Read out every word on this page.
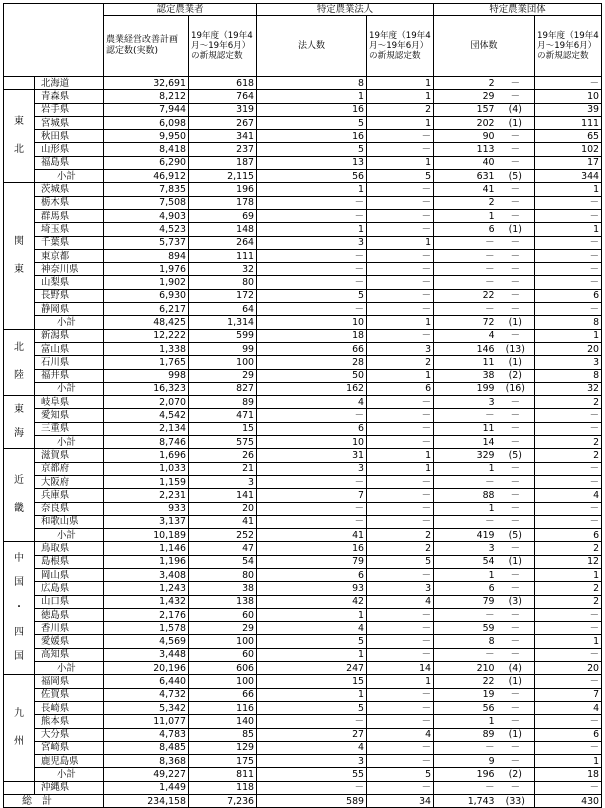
		認定農業者		特定農業法人		特定農業団体		
		農業経営改善計画認定数(実数)	19年度（19年4月～19年6月）の新規認定数	法人数	19年度（19年4月～19年6月）の新規認定数	団体数		19年度（19年4月～19年6月）の新規認定数
	北海道	32,691	618	8	1	2	－	－

東
北	青森県	8,212	764	1	1	29	－	10
	岩手県	7,944	319	16	2	157	(4)	39
	宮城県	6,098	267	5	1	202	(1)	111
	秋田県	9,950	341	16	－	90	－	65
	山形県	8,418	237	5	－	113	－	102
	福島県	6,290	187	13	1	40	－	17
	小計	46,912	2,115	56	5	631	(5)	344

関
東	茨城県	7,835	196	1	－	41	－	1
	栃木県	7,508	178	－	－	2	－	－
	群馬県	4,903	69	－	－	1	－	－
	埼玉県	4,523	148	1	－	6	(1)	1
	千葉県	5,737	264	3	1	－	－	－
	東京都	894	111	－	－	－	－	－
	神奈川県	1,976	32	－	－	－	－	－
	山梨県	1,902	80	－	－	－	－	－
	長野県	6,930	172	5	－	22	－	6
	静岡県	6,217	64	－	－	－	－	－
	小計	48,425	1,314	10	1	72	(1)	8

北
陸	新潟県	12,222	599	18	－	4	－	1
	富山県	1,338	99	66	3	146	(13)	20
	石川県	1,765	100	28	2	11	(1)	3
	福井県	998	29	50	1	38	(2)	8
	小計	16,323	827	162	6	199	(16)	32

東
海	岐阜県	2,070	89	4	－	3	－	2
	愛知県	4,542	471	－	－	－	－	－
	三重県	2,134	15	6	－	11	－	－
	小計	8,746	575	10	－	14	－	2

近
畿	滋賀県	1,696	26	31	1	329	(5)	2
	京都府	1,033	21	3	1	1	－	－
	大阪府	1,159	3	－	－	－	－	－
	兵庫県	2,231	141	7	－	88	－	4
	奈良県	933	20	－	－	1	－	－
	和歌山県	3,137	41	－	－	－	－	－
	小計	10,189	252	41	2	419	(5)	6

中
国
・
四
国	鳥取県	1,146	47	16	2	3	－	2
	島根県	1,196	54	79	5	54	(1)	12
	岡山県	3,408	80	6	－	1	－	1
	広島県	1,243	38	93	3	6	－	2
	山口県	1,432	138	42	4	79	(3)	2
	徳島県	2,176	60	1	－	－	－	－
	香川県	1,578	29	4	－	59	－	－
	愛媛県	4,569	100	5	－	8	－	1
	高知県	3,448	60	1	－	－	－	－
	小計	20,196	606	247	14	210	(4)	20

九
州	福岡県	6,440	100	15	1	22	(1)	－
	佐賀県	4,732	66	1	－	19	－	7
	長崎県	5,342	116	5	－	56	－	4
	熊本県	11,077	140	－	－	1	－	－
	大分県	4,783	85	27	4	89	(1)	6
	宮崎県	8,485	129	4	－	－	－	－
	鹿児島県	8,368	175	3	－	9	－	1
	小計	49,227	811	55	5	196	(2)	18
	沖縄県	1,449	118	－	－	－	－	－
総　計		234,158	7,236	589	34	1,743	(33)	430
